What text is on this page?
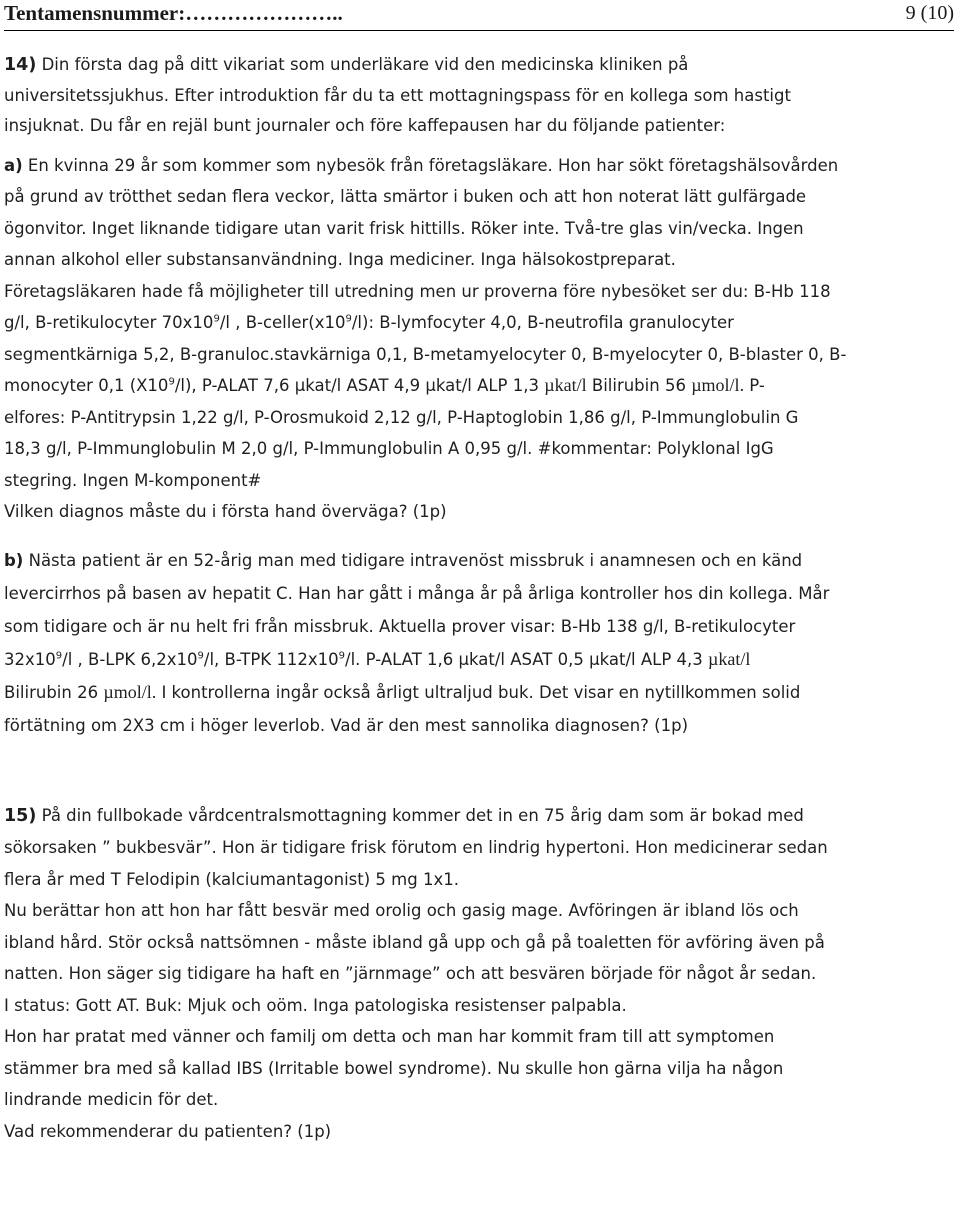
Tentamensnummer:…………………..	9 (10)
14) Din första dag på ditt vikariat som underläkare vid den medicinska kliniken på
universitetssjukhus. Efter introduktion får du ta ett mottagningspass för en kollega som hastigt
insjuknat. Du får en rejäl bunt journaler och före kaffepausen har du följande patienter:
a) En kvinna 29 år som kommer som nybesök från företagsläkare. Hon har sökt företagshälsovården
på grund av trötthet sedan flera veckor, lätta smärtor i buken och att hon noterat lätt gulfärgade
ögonvitor. Inget liknande tidigare utan varit frisk hittills. Röker inte. Två-tre glas vin/vecka. Ingen
annan alkohol eller substansanvändning. Inga mediciner. Inga hälsokostpreparat.
Företagsläkaren hade få möjligheter till utredning men ur proverna före nybesöket ser du: B-Hb 118
g/l, B-retikulocyter $70x10^9/l$ , $B-celler(x10^9/l)$: B-lymfocyter 4,0, B-neutrofila granulocyter
segmentkärniga 5,2, B-granuloc.stavkärniga 0,1, B-metamyelocyter 0, B-myelocyter 0, B-blaster 0, B-
monocyter 0,1 $(X10^9/l)$, P-ALAT 7,6 µkat/l ASAT 4,9 µkat/l ALP 1,3 µkat/l Bilirubin 56 µmol/l. P-
elfores: P-Antitrypsin 1,22 g/l, P-Orosmukoid 2,12 g/l, P-Haptoglobin 1,86 g/l, P-Immunglobulin G
18,3 g/l, P-Immunglobulin M 2,0 g/l, P-Immunglobulin A 0,95 g/l. #kommentar: Polyklonal IgG
stegring. Ingen M-komponent#
Vilken diagnos måste du i första hand överväga? (1p)
b) Nästa patient är en 52-årig man med tidigare intravenöst missbruk i anamnesen och en känd
levercirrhos på basen av hepatit C. Han har gått i många år på årliga kontroller hos din kollega. Mår
som tidigare och är nu helt fri från missbruk. Aktuella prover visar: B-Hb 138 g/l, B-retikulocyter
$32x10^9/l$ , B-LPK $6,2x10^9/l$, B-TPK $112x10^9/l$. P-ALAT 1,6 µkat/l ASAT 0,5 µkat/l ALP 4,3 µkat/l
Bilirubin 26 µmol/l. I kontrollerna ingår också årligt ultraljud buk. Det visar en nytillkommen solid
förtätning om 2X3 cm i höger leverlob. Vad är den mest sannolika diagnosen? (1p)
15) På din fullbokade vårdcentralsmottagning kommer det in en 75 årig dam som är bokad med
sökorsaken ” bukbesvär”. Hon är tidigare frisk förutom en lindrig hypertoni. Hon medicinerar sedan
flera år med T Felodipin (kalciumantagonist) 5 mg 1x1.
Nu berättar hon att hon har fått besvär med orolig och gasig mage. Avföringen är ibland lös och
ibland hård. Stör också nattsömnen - måste ibland gå upp och gå på toaletten för avföring även på
natten. Hon säger sig tidigare ha haft en ”järnmage” och att besvären började för något år sedan.
I status: Gott AT. Buk: Mjuk och oöm. Inga patologiska resistenser palpabla.
Hon har pratat med vänner och familj om detta och man har kommit fram till att symptomen
stämmer bra med så kallad IBS (Irritable bowel syndrome). Nu skulle hon gärna vilja ha någon
lindrande medicin för det.
Vad rekommenderar du patienten? (1p)
